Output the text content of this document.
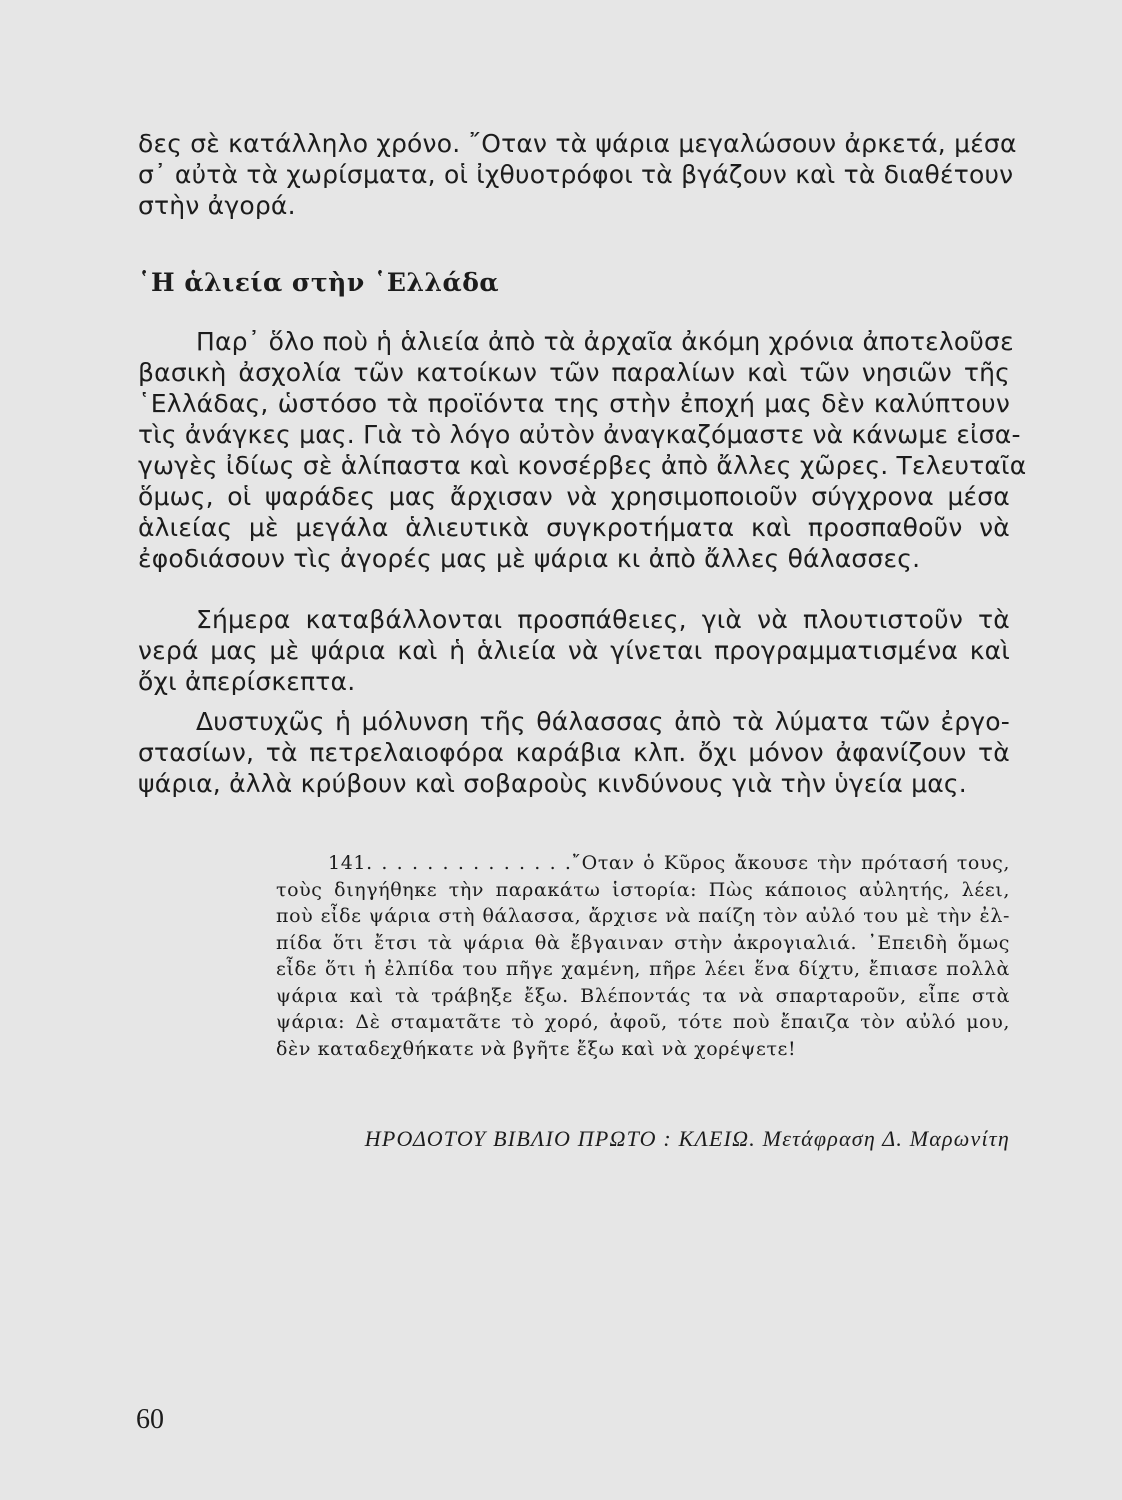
δες σὲ κατάλληλο χρόνο. ῎Οταν τὰ ψάρια μεγαλώσουν ἀρκετά, μέσα
σ᾽ αὐτὰ τὰ χωρίσματα, οἱ ἰχθυοτρόφοι τὰ βγάζουν καὶ τὰ διαθέτουν
στὴν ἀγορά.
῾Η ἁλιεία στὴν ῾Ελλάδα
Παρ᾽ ὅλο ποὺ ἡ ἁλιεία ἀπὸ τὰ ἀρχαῖα ἀκόμη χρόνια ἀποτελοῦσε
βασικὴ ἀσχολία τῶν κατοίκων τῶν παραλίων καὶ τῶν νησιῶν τῆς
῾Ελλάδας, ὡστόσο τὰ προϊόντα της στὴν ἐποχή μας δὲν καλύπτουν
τὶς ἀνάγκες μας. Γιὰ τὸ λόγο αὐτὸν ἀναγκαζόμαστε νὰ κάνωμε εἰσα-
γωγὲς ἰδίως σὲ ἁλίπαστα καὶ κονσέρβες ἀπὸ ἄλλες χῶρες. Τελευταῖα
ὅμως, οἱ ψαράδες μας ἄρχισαν νὰ χρησιμοποιοῦν σύγχρονα μέσα
ἁλιείας μὲ μεγάλα ἁλιευτικὰ συγκροτήματα καὶ προσπαθοῦν νὰ
ἐφοδιάσουν τὶς ἀγορές μας μὲ ψάρια κι ἀπὸ ἄλλες θάλασσες.
Σήμερα καταβάλλονται προσπάθειες, γιὰ νὰ πλουτιστοῦν τὰ
νερά μας μὲ ψάρια καὶ ἡ ἁλιεία νὰ γίνεται προγραμματισμένα καὶ
ὄχι ἀπερίσκεπτα.
Δυστυχῶς ἡ μόλυνση τῆς θάλασσας ἀπὸ τὰ λύματα τῶν ἐργο-
στασίων, τὰ πετρελαιοφόρα καράβια κλπ. ὄχι μόνον ἀφανίζουν τὰ
ψάρια, ἀλλὰ κρύβουν καὶ σοβαροὺς κινδύνους γιὰ τὴν ὑγεία μας.
141. . . . . . . . . . . . . .῎Οταν ὁ Κῦρος ἄκουσε τὴν πρότασή τους,
τοὺς διηγήθηκε τὴν παρακάτω ἱστορία: Πὼς κάποιος αὐλητής, λέει,
ποὺ εἶδε ψάρια στὴ θάλασσα, ἄρχισε νὰ παίζη τὸν αὐλό του μὲ τὴν ἐλ-
πίδα ὅτι ἔτσι τὰ ψάρια θὰ ἔβγαιναν στὴν ἀκρογιαλιά. ᾽Επειδὴ ὅμως
εἶδε ὅτι ἡ ἐλπίδα του πῆγε χαμένη, πῆρε λέει ἕνα δίχτυ, ἔπιασε πολλὰ
ψάρια καὶ τὰ τράβηξε ἔξω. Βλέποντάς τα νὰ σπαρταροῦν, εἶπε στὰ
ψάρια: Δὲ σταματᾶτε τὸ χορό, ἀφοῦ, τότε ποὺ ἔπαιζα τὸν αὐλό μου,
δὲν καταδεχθήκατε νὰ βγῆτε ἔξω καὶ νὰ χορέψετε!
ΗΡΟΔΟΤΟΥ ΒΙΒΛΙΟ ΠΡΩΤΟ : ΚΛΕΙΩ. Μετάφραση Δ. Μαρωνίτη
60
